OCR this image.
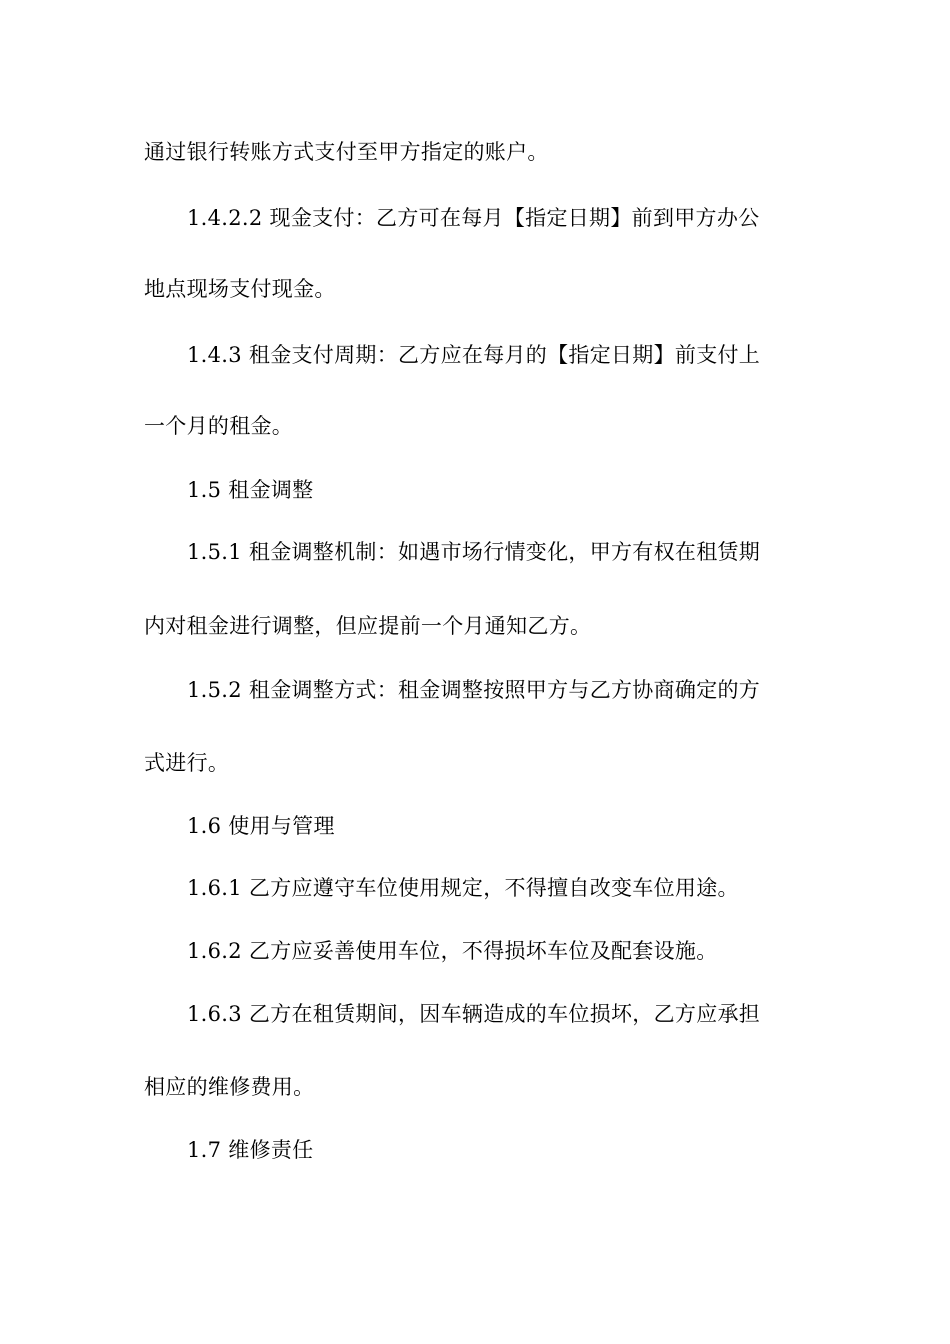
通过银行转账方式支付至甲方指定的账户。
1.4.2.2 现金支付：乙方可在每月【指定日期】前到甲方办公
地点现场支付现金。
1.4.3 租金支付周期：乙方应在每月的【指定日期】前支付上
一个月的租金。
1.5 租金调整
1.5.1 租金调整机制：如遇市场行情变化，甲方有权在租赁期
内对租金进行调整，但应提前一个月通知乙方。
1.5.2 租金调整方式：租金调整按照甲方与乙方协商确定的方
式进行。
1.6 使用与管理
1.6.1 乙方应遵守车位使用规定，不得擅自改变车位用途。
1.6.2 乙方应妥善使用车位，不得损坏车位及配套设施。
1.6.3 乙方在租赁期间，因车辆造成的车位损坏，乙方应承担
相应的维修费用。
1.7 维修责任
